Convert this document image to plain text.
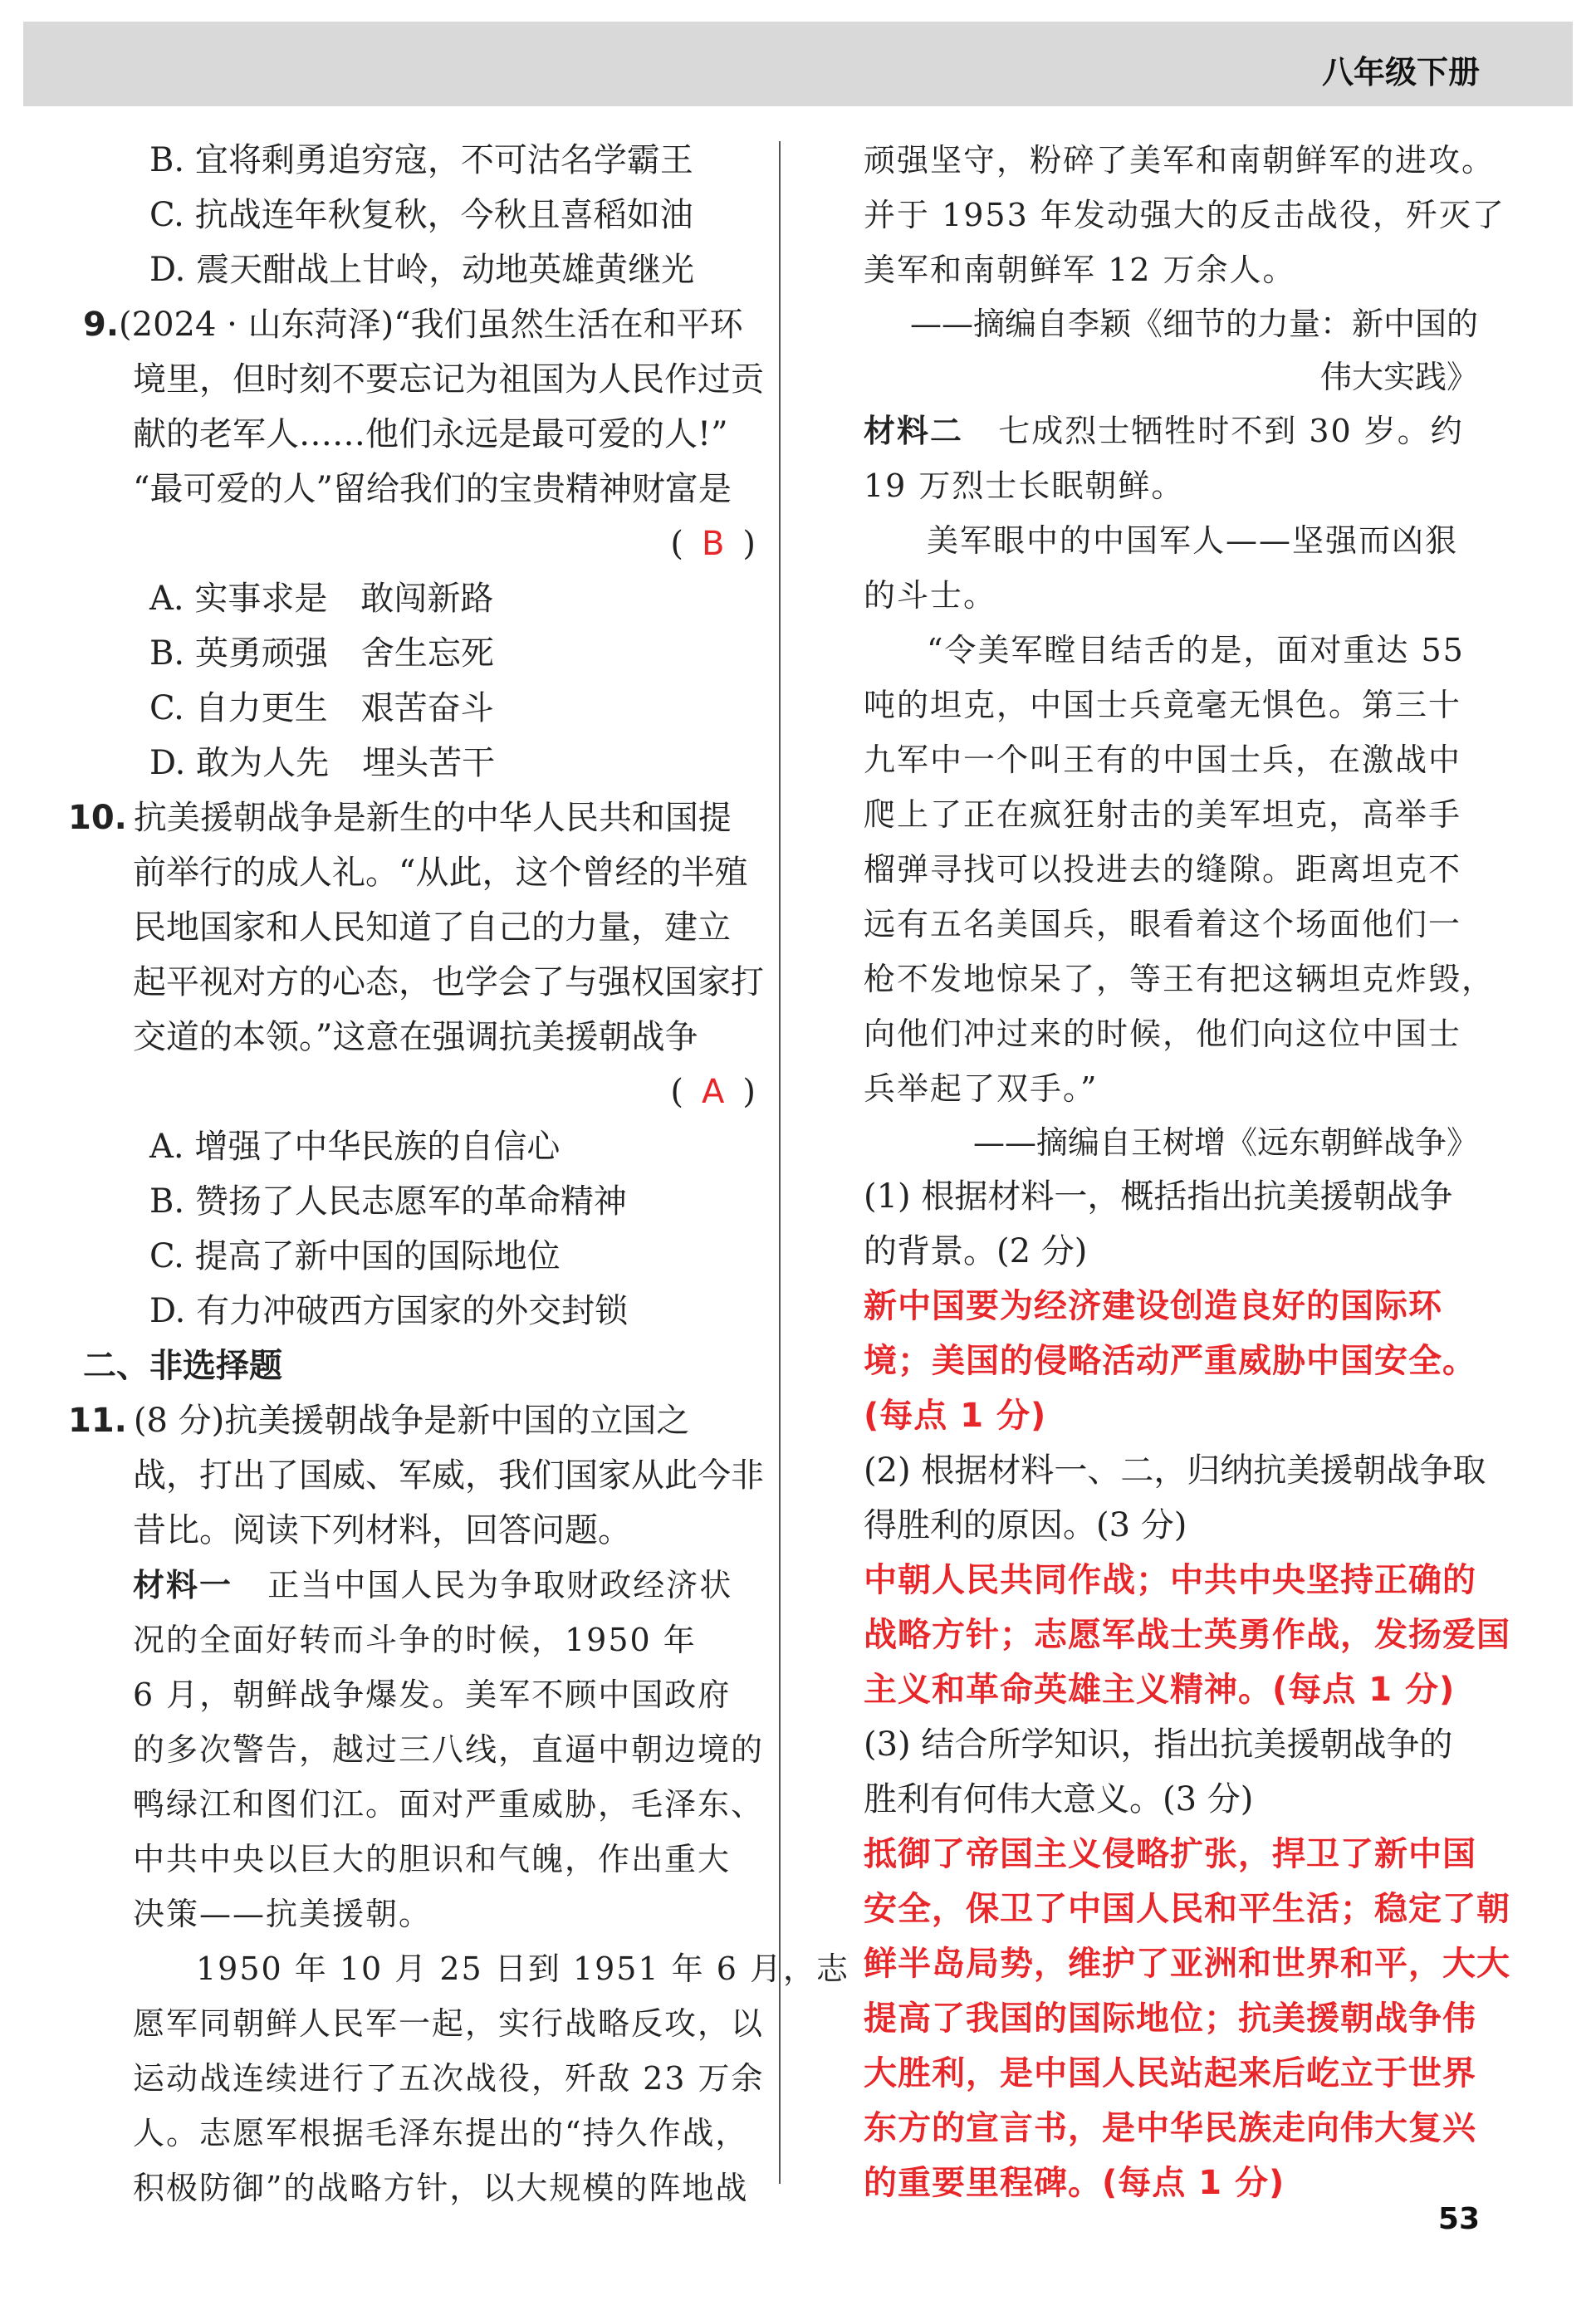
八年级下册
B. 宜将剩勇追穷寇，不可沽名学霸王
C. 抗战连年秋复秋，今秋且喜稻如油
D. 震天酣战上甘岭，动地英雄黄继光
9.(2024 · 山东菏泽)“我们虽然生活在和平环
境里，但时刻不要忘记为祖国为人民作过贡
献的老军人……他们永远是最可爱的人!”
“最可爱的人”留给我们的宝贵精神财富是
( B )
A. 实事求是　敢闯新路
B. 英勇顽强　舍生忘死
C. 自力更生　艰苦奋斗
D. 敢为人先　埋头苦干
10. 抗美援朝战争是新生的中华人民共和国提
前举行的成人礼。“从此，这个曾经的半殖
民地国家和人民知道了自己的力量，建立
起平视对方的心态，也学会了与强权国家打
交道的本领。”这意在强调抗美援朝战争
( A )
A. 增强了中华民族的自信心
B. 赞扬了人民志愿军的革命精神
C. 提高了新中国的国际地位
D. 有力冲破西方国家的外交封锁
二、非选择题
11. (8 分)抗美援朝战争是新中国的立国之
战，打出了国威、军威，我们国家从此今非
昔比。阅读下列材料，回答问题。
材料一 正当中国人民为争取财政经济状
况的全面好转而斗争的时候，1950 年
6 月，朝鲜战争爆发。美军不顾中国政府
的多次警告，越过三八线，直逼中朝边境的
鸭绿江和图们江。面对严重威胁，毛泽东、
中共中央以巨大的胆识和气魄，作出重大
决策——抗美援朝。
1950 年 10 月 25 日到 1951 年 6 月，志
愿军同朝鲜人民军一起，实行战略反攻，以
运动战连续进行了五次战役，歼敌 23 万余
人。志愿军根据毛泽东提出的“持久作战，
积极防御”的战略方针，以大规模的阵地战
顽强坚守，粉碎了美军和南朝鲜军的进攻。
并于 1953 年发动强大的反击战役，歼灭了
美军和南朝鲜军 12 万余人。
——摘编自李颖《细节的力量：新中国的
伟大实践》
材料二 七成烈士牺牲时不到 30 岁。约
19 万烈士长眠朝鲜。
美军眼中的中国军人——坚强而凶狠
的斗士。
“令美军瞠目结舌的是，面对重达 55
吨的坦克，中国士兵竟毫无惧色。第三十
九军中一个叫王有的中国士兵，在激战中
爬上了正在疯狂射击的美军坦克，高举手
榴弹寻找可以投进去的缝隙。距离坦克不
远有五名美国兵，眼看着这个场面他们一
枪不发地惊呆了，等王有把这辆坦克炸毁，
向他们冲过来的时候，他们向这位中国士
兵举起了双手。”
——摘编自王树增《远东朝鲜战争》
(1) 根据材料一，概括指出抗美援朝战争
的背景。(2 分)
新中国要为经济建设创造良好的国际环
境；美国的侵略活动严重威胁中国安全。
(每点 1 分)
(2) 根据材料一、二，归纳抗美援朝战争取
得胜利的原因。(3 分)
中朝人民共同作战；中共中央坚持正确的
战略方针；志愿军战士英勇作战，发扬爱国
主义和革命英雄主义精神。(每点 1 分)
(3) 结合所学知识，指出抗美援朝战争的
胜利有何伟大意义。(3 分)
抵御了帝国主义侵略扩张，捍卫了新中国
安全，保卫了中国人民和平生活；稳定了朝
鲜半岛局势，维护了亚洲和世界和平，大大
提高了我国的国际地位；抗美援朝战争伟
大胜利，是中国人民站起来后屹立于世界
东方的宣言书，是中华民族走向伟大复兴
的重要里程碑。(每点 1 分)
53
